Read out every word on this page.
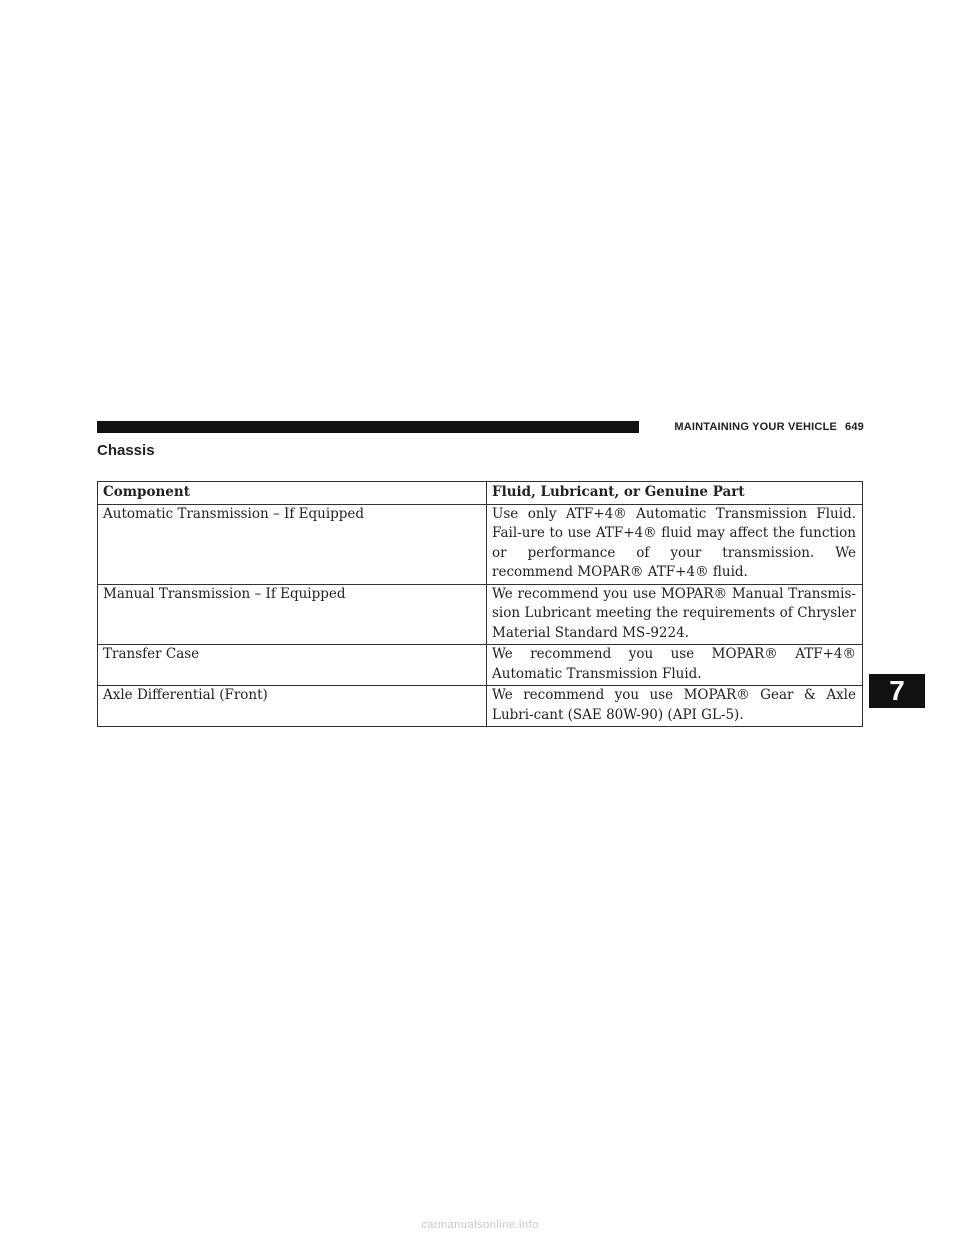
MAINTAINING YOUR VEHICLE 649
Chassis
Component	Fluid, Lubricant, or Genuine Part
Automatic Transmission – If Equipped	Use only ATF+4® Automatic Transmission Fluid. Fail-ure to use ATF+4® fluid may affect the function or performance of your transmission. We recommend MOPAR® ATF+4® fluid.
Manual Transmission – If Equipped	We recommend you use MOPAR® Manual Transmis-sion Lubricant meeting the requirements of Chrysler Material Standard MS-9224.
Transfer Case	We recommend you use MOPAR® ATF+4® Automatic Transmission Fluid.
Axle Differential (Front)	We recommend you use MOPAR® Gear & Axle Lubri-cant (SAE 80W-90) (API GL-5).
7
carmanualsonline.info
